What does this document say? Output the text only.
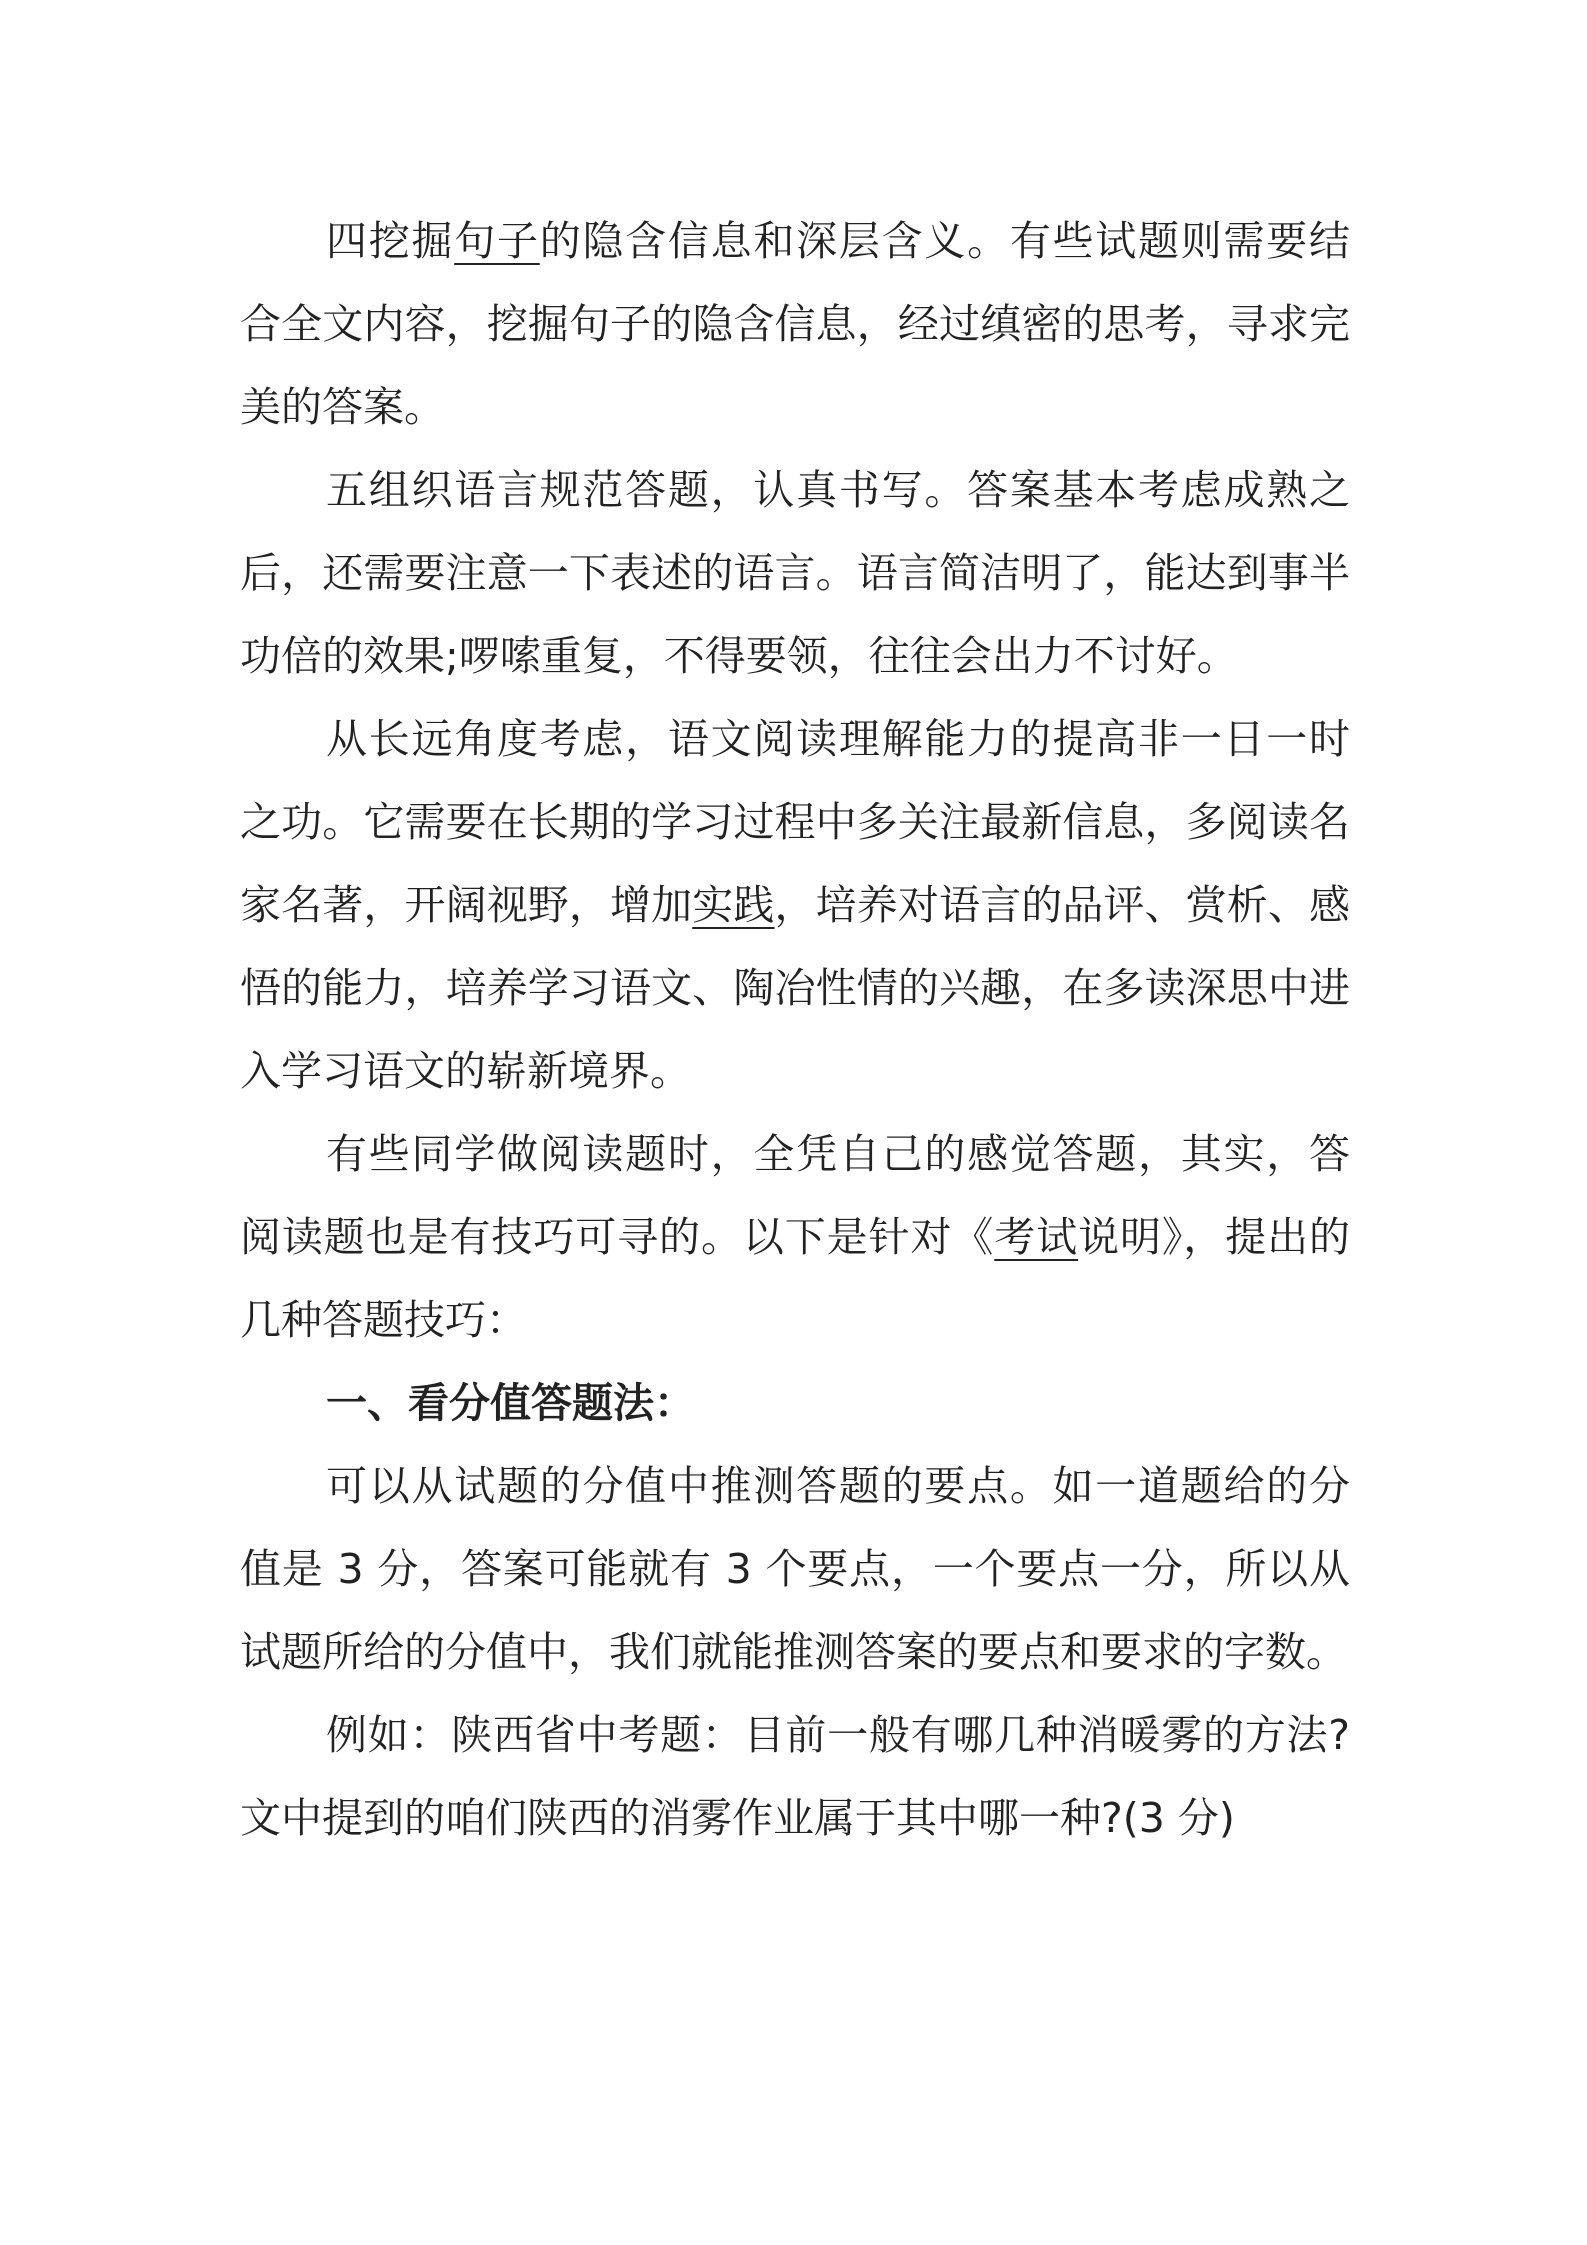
四挖掘句子的隐含信息和深层含义。有些试题则需要结合全文内容，挖掘句子的隐含信息，经过缜密的思考，寻求完美的答案。

五组织语言规范答题，认真书写。答案基本考虑成熟之后，还需要注意一下表述的语言。语言简洁明了，能达到事半功倍的效果;啰嗦重复，不得要领，往往会出力不讨好。

从长远角度考虑，语文阅读理解能力的提高非一日一时之功。它需要在长期的学习过程中多关注最新信息，多阅读名家名著，开阔视野，增加实践，培养对语言的品评、赏析、感悟的能力，培养学习语文、陶冶性情的兴趣，在多读深思中进入学习语文的崭新境界。

有些同学做阅读题时，全凭自己的感觉答题，其实，答阅读题也是有技巧可寻的。以下是针对《考试说明》，提出的几种答题技巧：

一、看分值答题法：

可以从试题的分值中推测答题的要点。如一道题给的分值是 3 分，答案可能就有 3 个要点，一个要点一分，所以从试题所给的分值中，我们就能推测答案的要点和要求的字数。

例如：陕西省中考题：目前一般有哪几种消暖雾的方法?文中提到的咱们陕西的消雾作业属于其中哪一种?(3 分)
